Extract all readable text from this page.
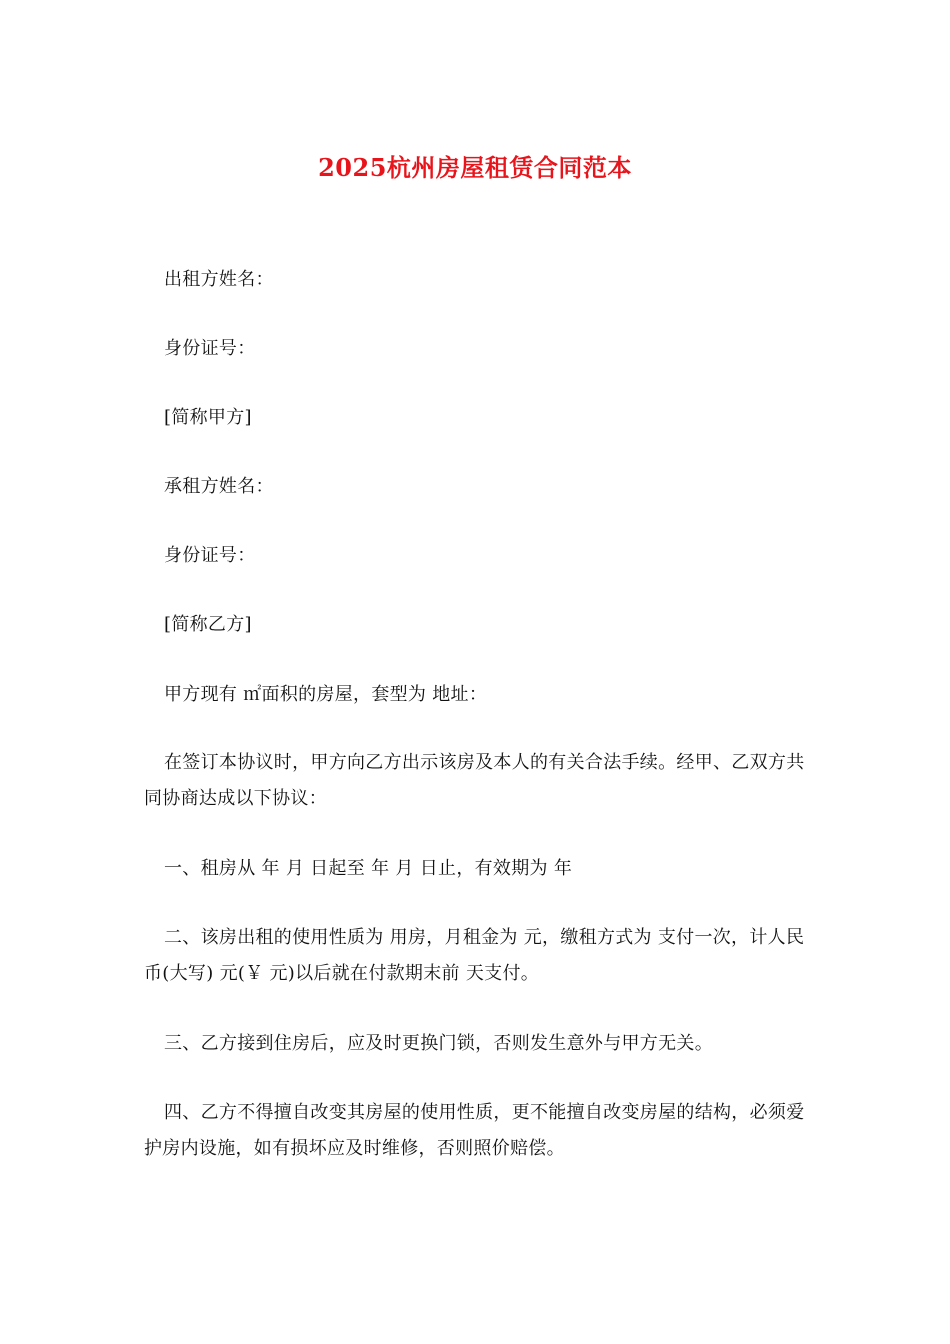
2025杭州房屋租赁合同范本
出租方姓名：
身份证号：
[简称甲方]
承租方姓名：
身份证号：
[简称乙方]
甲方现有 ㎡面积的房屋，套型为 地址：
在签订本协议时，甲方向乙方出示该房及本人的有关合法手续。经甲、乙双方共同协商达成以下协议：
一、租房从 年 月 日起至 年 月 日止，有效期为 年
二、该房出租的使用性质为 用房，月租金为 元，缴租方式为 支付一次，计人民币(大写) 元(￥ 元)以后就在付款期末前 天支付。
三、乙方接到住房后，应及时更换门锁，否则发生意外与甲方无关。
四、乙方不得擅自改变其房屋的使用性质，更不能擅自改变房屋的结构，必须爱护房内设施，如有损坏应及时维修，否则照价赔偿。
